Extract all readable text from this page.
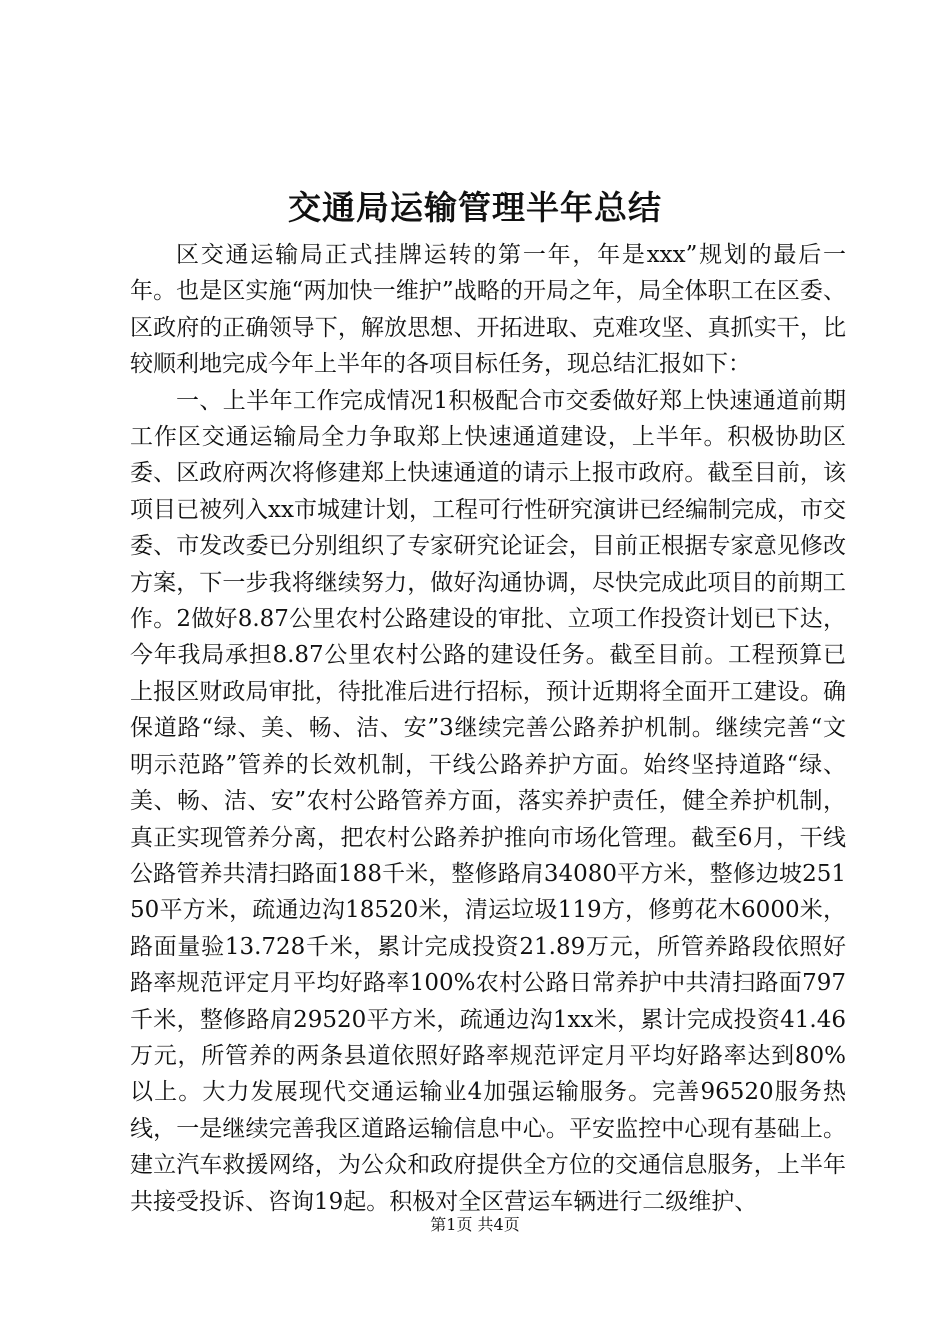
交通局运输管理半年总结

区交通运输局正式挂牌运转的第一年，年是xxx”规划的最后一年。也是区实施“两加快一维护”战略的开局之年，局全体职工在区委、区政府的正确领导下，解放思想、开拓进取、克难攻坚、真抓实干，比较顺利地完成今年上半年的各项目标任务，现总结汇报如下：

一、上半年工作完成情况1积极配合市交委做好郑上快速通道前期工作区交通运输局全力争取郑上快速通道建设，上半年。积极协助区委、区政府两次将修建郑上快速通道的请示上报市政府。截至目前，该项目已被列入xx市城建计划，工程可行性研究演讲已经编制完成，市交委、市发改委已分别组织了专家研究论证会，目前正根据专家意见修改方案，下一步我将继续努力，做好沟通协调，尽快完成此项目的前期工作。2做好8.87公里农村公路建设的审批、立项工作投资计划已下达，今年我局承担8.87公里农村公路的建设任务。截至目前。工程预算已上报区财政局审批，待批准后进行招标，预计近期将全面开工建设。确保道路“绿、美、畅、洁、安”3继续完善公路养护机制。继续完善“文明示范路”管养的长效机制，干线公路养护方面。始终坚持道路“绿、美、畅、洁、安”农村公路管养方面，落实养护责任，健全养护机制，真正实现管养分离，把农村公路养护推向市场化管理。截至6月，干线公路管养共清扫路面188千米，整修路肩34080平方米，整修边坡25150平方米，疏通边沟18520米，清运垃圾119方，修剪花木6000米，路面量验13.728千米，累计完成投资21.89万元，所管养路段依照好路率规范评定月平均好路率100%农村公路日常养护中共清扫路面797千米，整修路肩29520平方米，疏通边沟1xx米，累计完成投资41.46万元，所管养的两条县道依照好路率规范评定月平均好路率达到80%以上。大力发展现代交通运输业4加强运输服务。完善96520服务热线，一是继续完善我区道路运输信息中心。平安监控中心现有基础上。建立汽车救援网络，为公众和政府提供全方位的交通信息服务，上半年共接受投诉、咨询19起。积极对全区营运车辆进行二级维护、

第1页 共4页
